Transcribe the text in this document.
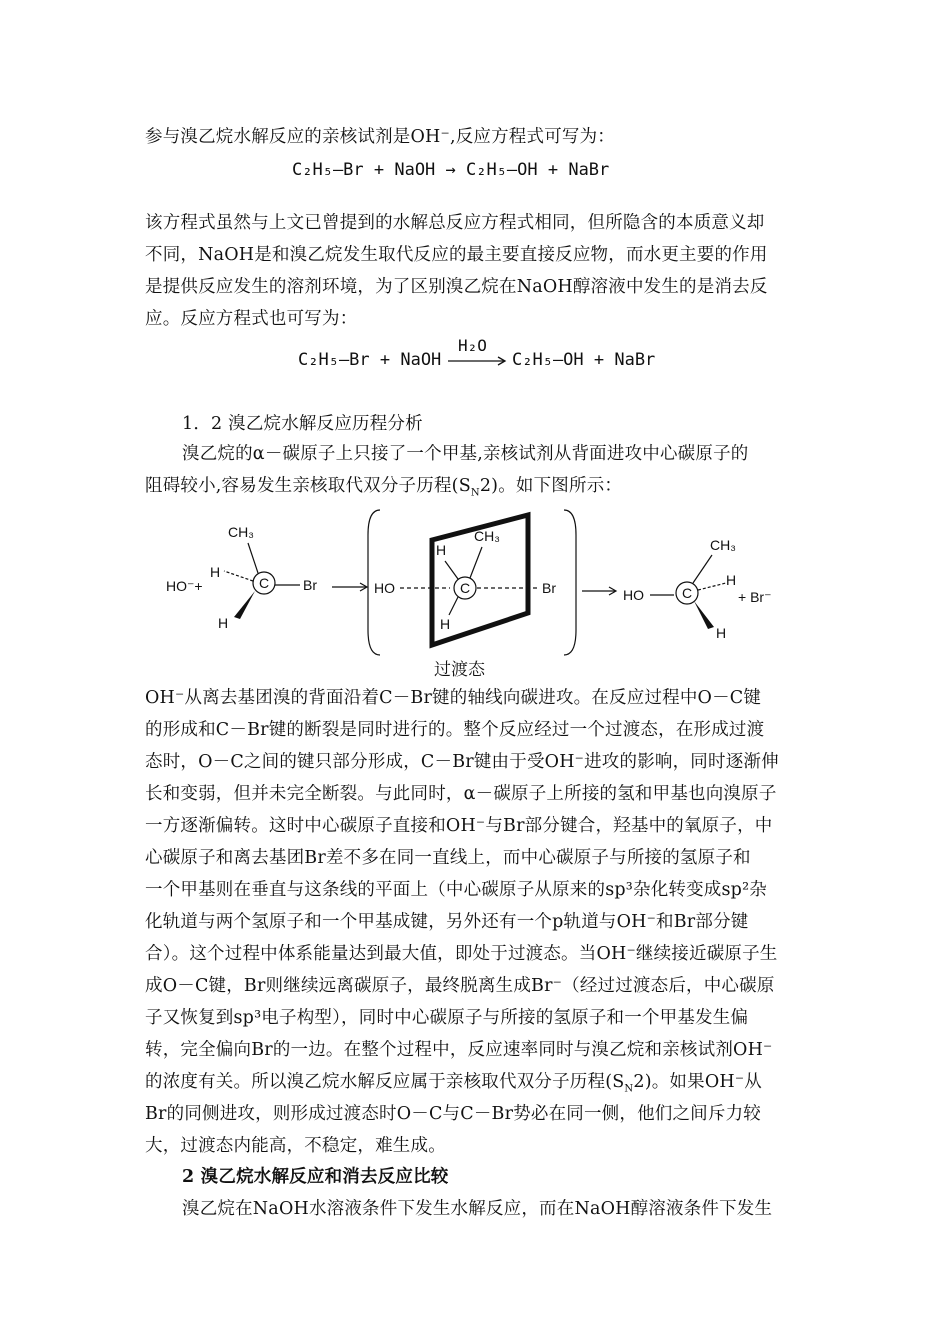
参与溴乙烷水解反应的亲核试剂是OH⁻,反应方程式可写为：
C₂H₅—Br + NaOH → C₂H₅—OH + NaBr
该方程式虽然与上文已曾提到的水解总反应方程式相同，但所隐含的本质意义却
不同，NaOH是和溴乙烷发生取代反应的最主要直接反应物，而水更主要的作用
是提供反应发生的溶剂环境，为了区别溴乙烷在NaOH醇溶液中发生的是消去反
应。反应方程式也可写为：
C₂H₅—Br + NaOH
H₂O
C₂H₅—OH + NaBr
1．2 溴乙烷水解反应历程分析
溴乙烷的α－碳原子上只接了一个甲基,亲核试剂从背面进攻中心碳原子的
阻碍较小,容易发生亲核取代双分子历程$(S_N2)$。如下图所示：
HO⁻+
CH₃
H
H
C Br	HO
CH₃
H
H
C	Br	HO	C
CH₃
H
H
+ Br⁻
过渡态
OH⁻从离去基团溴的背面沿着C－Br键的轴线向碳进攻。在反应过程中O－C键
的形成和C－Br键的断裂是同时进行的。整个反应经过一个过渡态，在形成过渡
态时，O－C之间的键只部分形成，C－Br键由于受OH⁻进攻的影响，同时逐渐伸
长和变弱，但并未完全断裂。与此同时，α－碳原子上所接的氢和甲基也向溴原子
一方逐渐偏转。这时中心碳原子直接和OH⁻与Br部分键合，羟基中的氧原子，中
心碳原子和离去基团Br差不多在同一直线上，而中心碳原子与所接的氢原子和
一个甲基则在垂直与这条线的平面上（中心碳原子从原来的sp³杂化转变成sp²杂
化轨道与两个氢原子和一个甲基成键，另外还有一个p轨道与OH⁻和Br部分键
合）。这个过程中体系能量达到最大值，即处于过渡态。当OH⁻继续接近碳原子生
成O－C键，Br则继续远离碳原子，最终脱离生成Br⁻（经过过渡态后，中心碳原
子又恢复到sp³电子构型），同时中心碳原子与所接的氢原子和一个甲基发生偏
转，完全偏向Br的一边。在整个过程中，反应速率同时与溴乙烷和亲核试剂OH⁻
的浓度有关。所以溴乙烷水解反应属于亲核取代双分子历程$(S_N2)$。如果OH⁻从
Br的同侧进攻，则形成过渡态时O－C与C－Br势必在同一侧，他们之间斥力较
大，过渡态内能高，不稳定，难生成。
2 溴乙烷水解反应和消去反应比较
溴乙烷在NaOH水溶液条件下发生水解反应，而在NaOH醇溶液条件下发生
